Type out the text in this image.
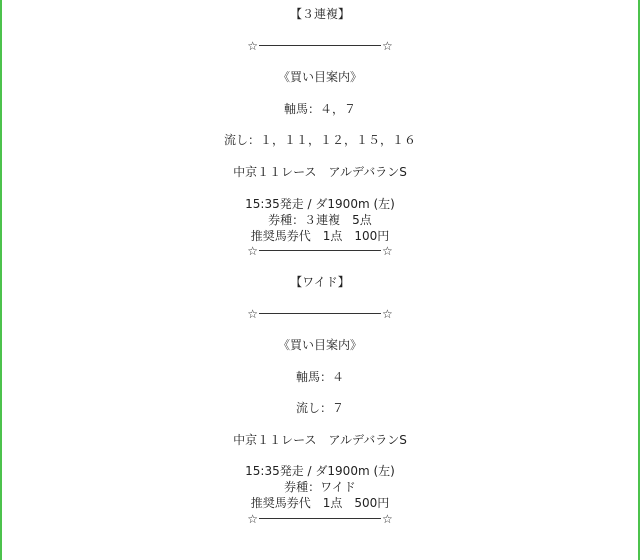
【３連複】
☆	☆
《買い目案内》
軸馬：４，７
流し：１，１１，１２，１５，１６
中京１１レース　アルデバランS
15:35発走 / ダ1900m (左)
券種：３連複　5点
推奨馬券代　1点　100円
☆	☆
【ワイド】
☆	☆
《買い目案内》
軸馬：４
流し：７
中京１１レース　アルデバランS
15:35発走 / ダ1900m (左)
券種：ワイド
推奨馬券代　1点　500円
☆	☆
